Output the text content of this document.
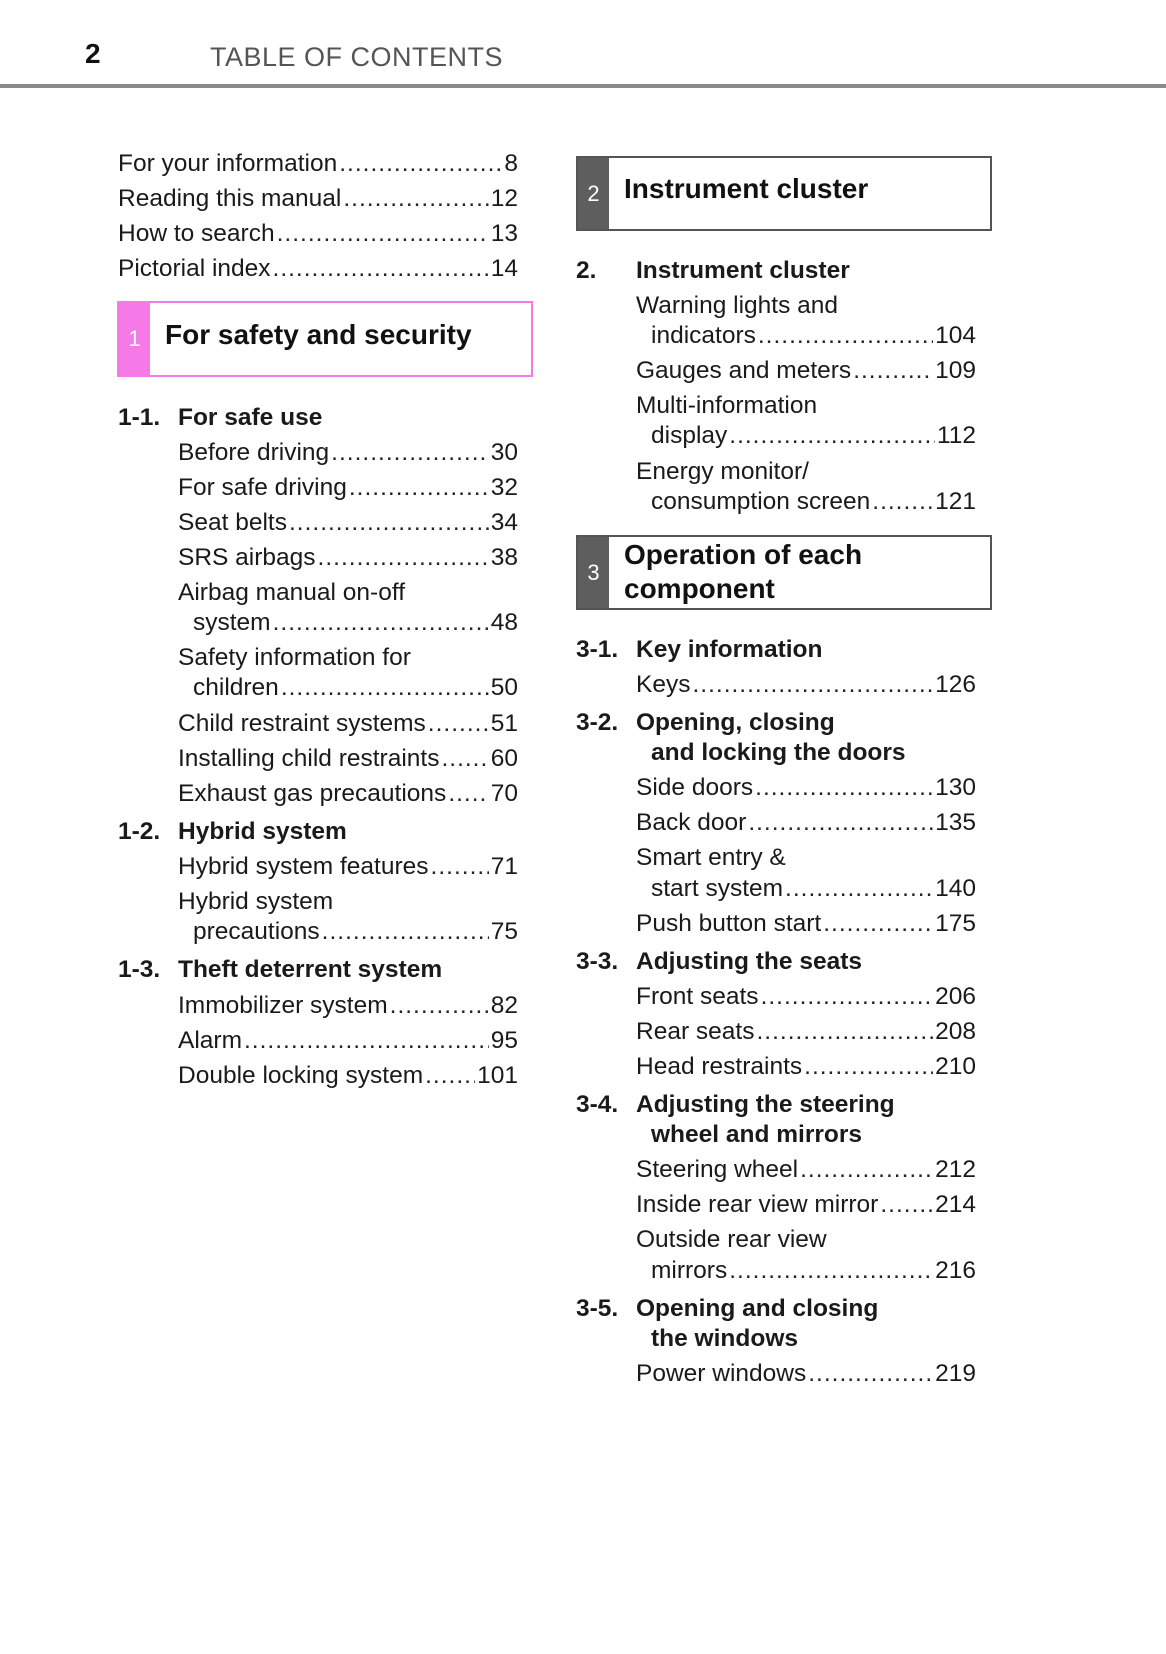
2	TABLE OF CONTENTS
For your information .....	8
Reading this manual .....	12
How to search .....	13
Pictorial index .....	14
1 For safety and security
1-1. For safe use
Before driving .....	30
For safe driving .....	32
Seat belts .....	34
SRS airbags .....	38
Airbag manual on-off
system .....	48
Safety information for
children .....	50
Child restraint systems .....	51
Installing child restraints ..... 60
Exhaust gas precautions ..... 70
1-2. Hybrid system
Hybrid system features .....	71
Hybrid system
precautions .....	75
1-3. Theft deterrent system
Immobilizer system .....	82
Alarm .....	95
Double locking system ..... 101
2 Instrument cluster
2. Instrument cluster
Warning lights and
indicators .....	104
Gauges and meters .....	109
Multi-information
display .....	112
Energy monitor/
consumption screen .....	121
3
Operation of each
component
3-1. Key information
Keys .....	126
3-2. Opening, closing
and locking the doors
Side doors .....	130
Back door .....	135
Smart entry &
start system .....	140
Push button start .....	175
3-3. Adjusting the seats
Front seats .....	206
Rear seats .....	208
Head restraints .....	210
3-4. Adjusting the steering
wheel and mirrors
Steering wheel .....	212
Inside rear view mirror ..... 214
Outside rear view
mirrors .....	216
3-5. Opening and closing
the windows
Power windows .....	219
